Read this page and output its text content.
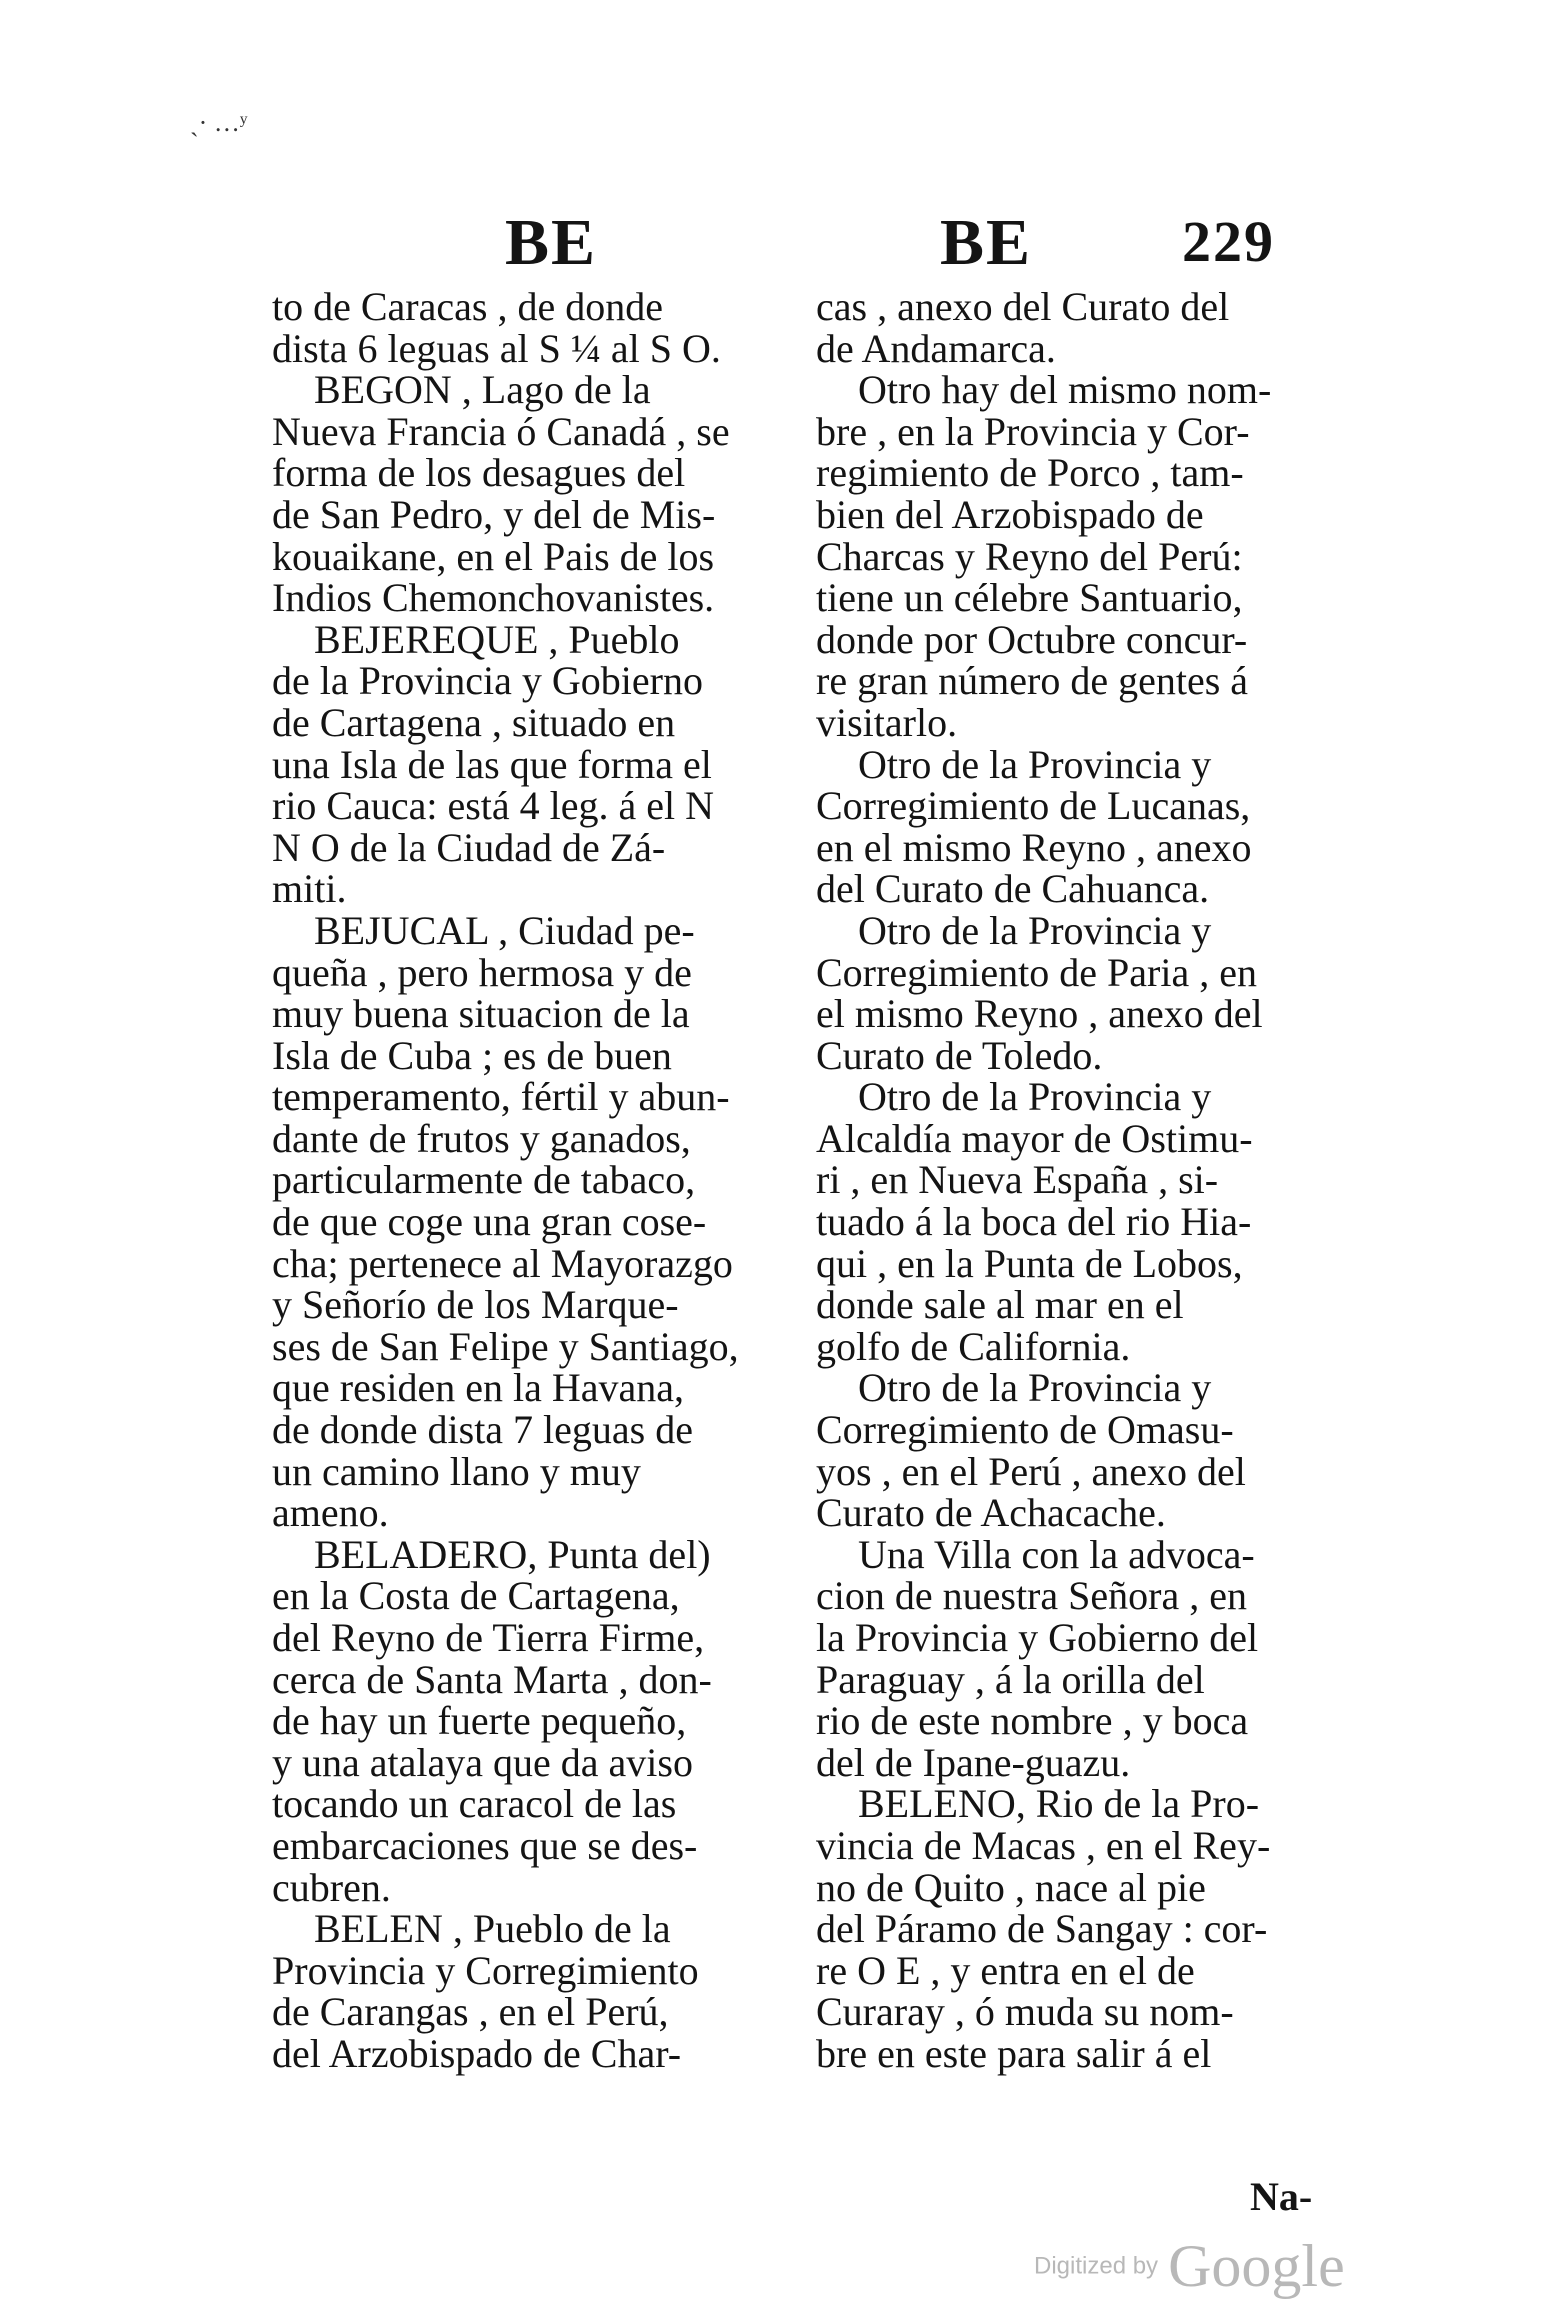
ˎ· …ʸ
BE	BE	229
to de Caracas , de donde
dista 6 leguas al S ¼ al S O.
BEGON , Lago de la
Nueva Francia ó Canadá , se
forma de los desagues del
de San Pedro, y del de Mis-
kouaikane, en el Pais de los
Indios Chemonchovanistes.
BEJEREQUE , Pueblo
de la Provincia y Gobierno
de Cartagena , situado en
una Isla de las que forma el
rio Cauca: está 4 leg. á el N
N O de la Ciudad de Zá-
miti.
BEJUCAL , Ciudad pe-
queña , pero hermosa y de
muy buena situacion de la
Isla de Cuba ; es de buen
temperamento, fértil y abun-
dante de frutos y ganados,
particularmente de tabaco,
de que coge una gran cose-
cha; pertenece al Mayorazgo
y Señorío de los Marque-
ses de San Felipe y Santiago,
que residen en la Havana,
de donde dista 7 leguas de
un camino llano y muy
ameno.
BELADERO, Punta del)
en la Costa de Cartagena,
del Reyno de Tierra Firme,
cerca de Santa Marta , don-
de hay un fuerte pequeño,
y una atalaya que da aviso
tocando un caracol de las
embarcaciones que se des-
cubren.
BELEN , Pueblo de la
Provincia y Corregimiento
de Carangas , en el Perú,
del Arzobispado de Char-
cas , anexo del Curato del
de Andamarca.
Otro hay del mismo nom-
bre , en la Provincia y Cor-
regimiento de Porco , tam-
bien del Arzobispado de
Charcas y Reyno del Perú:
tiene un célebre Santuario,
donde por Octubre concur-
re gran número de gentes á
visitarlo.
Otro de la Provincia y
Corregimiento de Lucanas,
en el mismo Reyno , anexo
del Curato de Cahuanca.
Otro de la Provincia y
Corregimiento de Paria , en
el mismo Reyno , anexo del
Curato de Toledo.
Otro de la Provincia y
Alcaldía mayor de Ostimu-
ri , en Nueva España , si-
tuado á la boca del rio Hia-
qui , en la Punta de Lobos,
donde sale al mar en el
golfo de California.
Otro de la Provincia y
Corregimiento de Omasu-
yos , en el Perú , anexo del
Curato de Achacache.
Una Villa con la advoca-
cion de nuestra Señora , en
la Provincia y Gobierno del
Paraguay , á la orilla del
rio de este nombre , y boca
del de Ipane-guazu.
BELENO, Rio de la Pro-
vincia de Macas , en el Rey-
no de Quito , nace al pie
del Páramo de Sangay : cor-
re O E , y entra en el de
Curaray , ó muda su nom-
bre en este para salir á el
Na-
Digitized by Google
